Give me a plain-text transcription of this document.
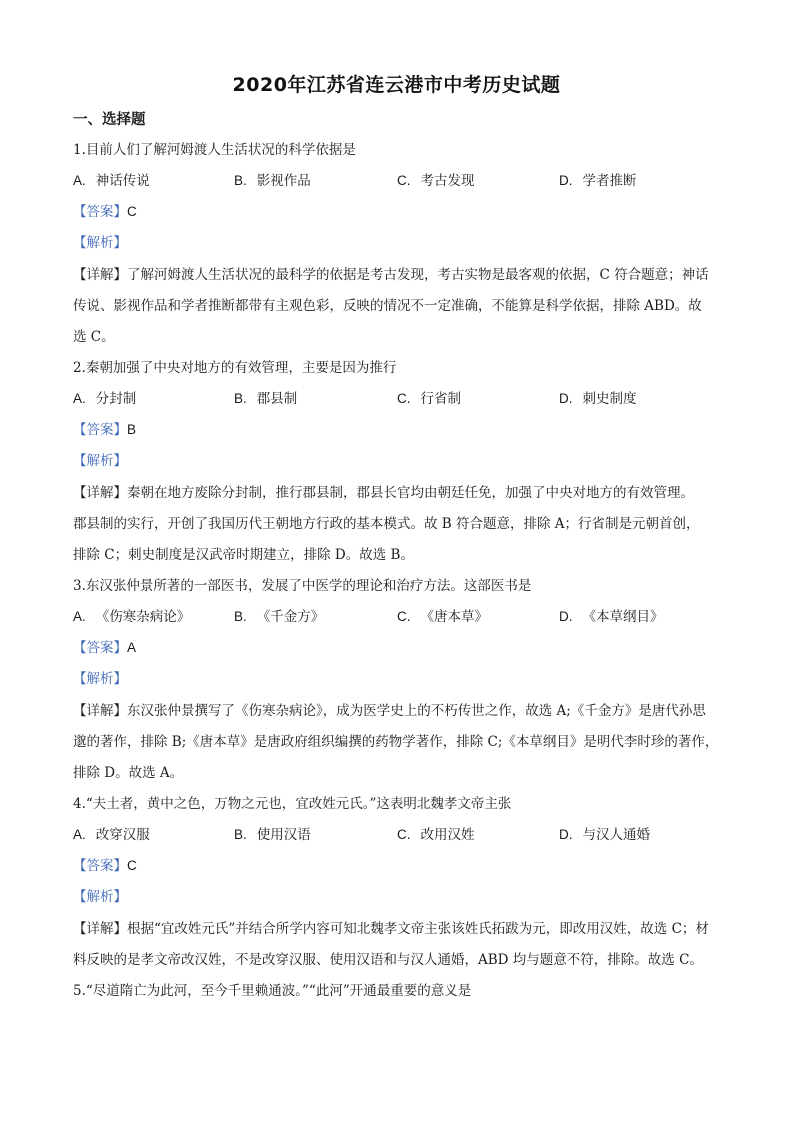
2020年江苏省连云港市中考历史试题
一、选择题
1.目前人们了解河姆渡人生活状况的科学依据是
A. 神话传说	B. 影视作品	C. 考古发现	D. 学者推断
【答案】C
【解析】
【详解】了解河姆渡人生活状况的最科学的依据是考古发现，考古实物是最客观的依据，C 符合题意；神话
传说、影视作品和学者推断都带有主观色彩，反映的情况不一定准确，不能算是科学依据，排除 ABD。故
选 C。
2.秦朝加强了中央对地方的有效管理，主要是因为推行
A. 分封制	B. 郡县制	C. 行省制	D. 刺史制度
【答案】B
【解析】
【详解】秦朝在地方废除分封制，推行郡县制，郡县长官均由朝廷任免，加强了中央对地方的有效管理。
郡县制的实行，开创了我国历代王朝地方行政的基本模式。故 B 符合题意，排除 A；行省制是元朝首创，
排除 C；刺史制度是汉武帝时期建立，排除 D。故选 B。
3.东汉张仲景所著的一部医书，发展了中医学的理论和治疗方法。这部医书是
A. 《伤寒杂病论》	B. 《千金方》	C. 《唐本草》	D. 《本草纲目》
【答案】A
【解析】
【详解】东汉张仲景撰写了《伤寒杂病论》，成为医学史上的不朽传世之作，故选 A;《千金方》是唐代孙思
邈的著作，排除 B;《唐本草》是唐政府组织编撰的药物学著作，排除 C;《本草纲目》是明代李时珍的著作，
排除 D。故选 A。
4.“夫土者，黄中之色，万物之元也，宜改姓元氏。”这表明北魏孝文帝主张
A. 改穿汉服	B. 使用汉语	C. 改用汉姓	D. 与汉人通婚
【答案】C
【解析】
【详解】根据“宜改姓元氏”并结合所学内容可知北魏孝文帝主张该姓氏拓跋为元，即改用汉姓，故选 C；材
料反映的是孝文帝改汉姓，不是改穿汉服、使用汉语和与汉人通婚，ABD 均与题意不符，排除。故选 C。
5.“尽道隋亡为此河，至今千里赖通波。”“此河”开通最重要的意义是
